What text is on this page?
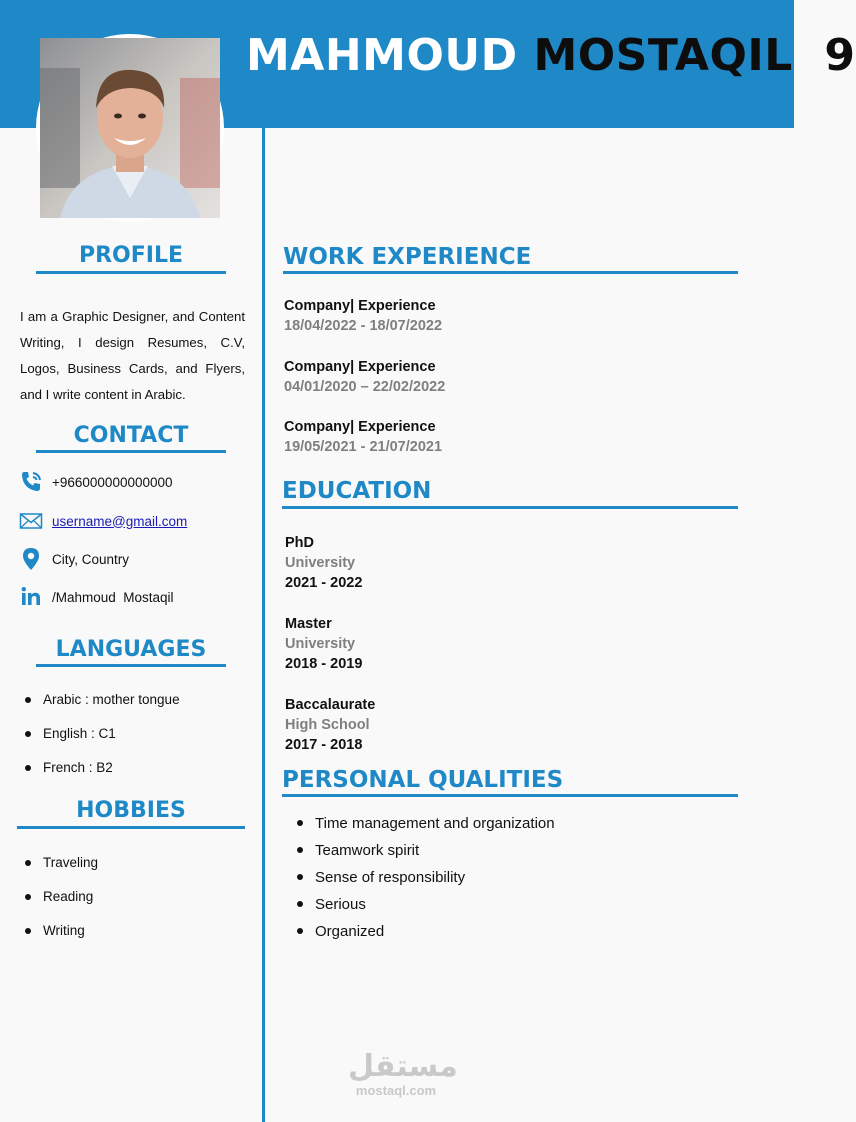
MAHMOUD MOSTAQIL  9
PROFILE
I am a Graphic Designer, and Content Writing, I design Resumes, C.V, Logos, Business Cards, and Flyers, and I write content in Arabic.
CONTACT
+966000000000000
username@gmail.com
City, Country
/Mahmoud  Mostaqil
LANGUAGES
Arabic : mother tongue
English : C1
French : B2
HOBBIES
Traveling
Reading
Writing
WORK EXPERIENCE
Company| Experience
18/04/2022 - 18/07/2022
Company| Experience
04/01/2020 – 22/02/2022
Company| Experience
19/05/2021 - 21/07/2021
EDUCATION
PhD
University
2021 - 2022
Master
University
2018 - 2019
Baccalaurate
High School
2017 - 2018
PERSONAL QUALITIES
Time management and organization
Teamwork spirit
Sense of responsibility
Serious
Organized
مستقل
mostaql.com
